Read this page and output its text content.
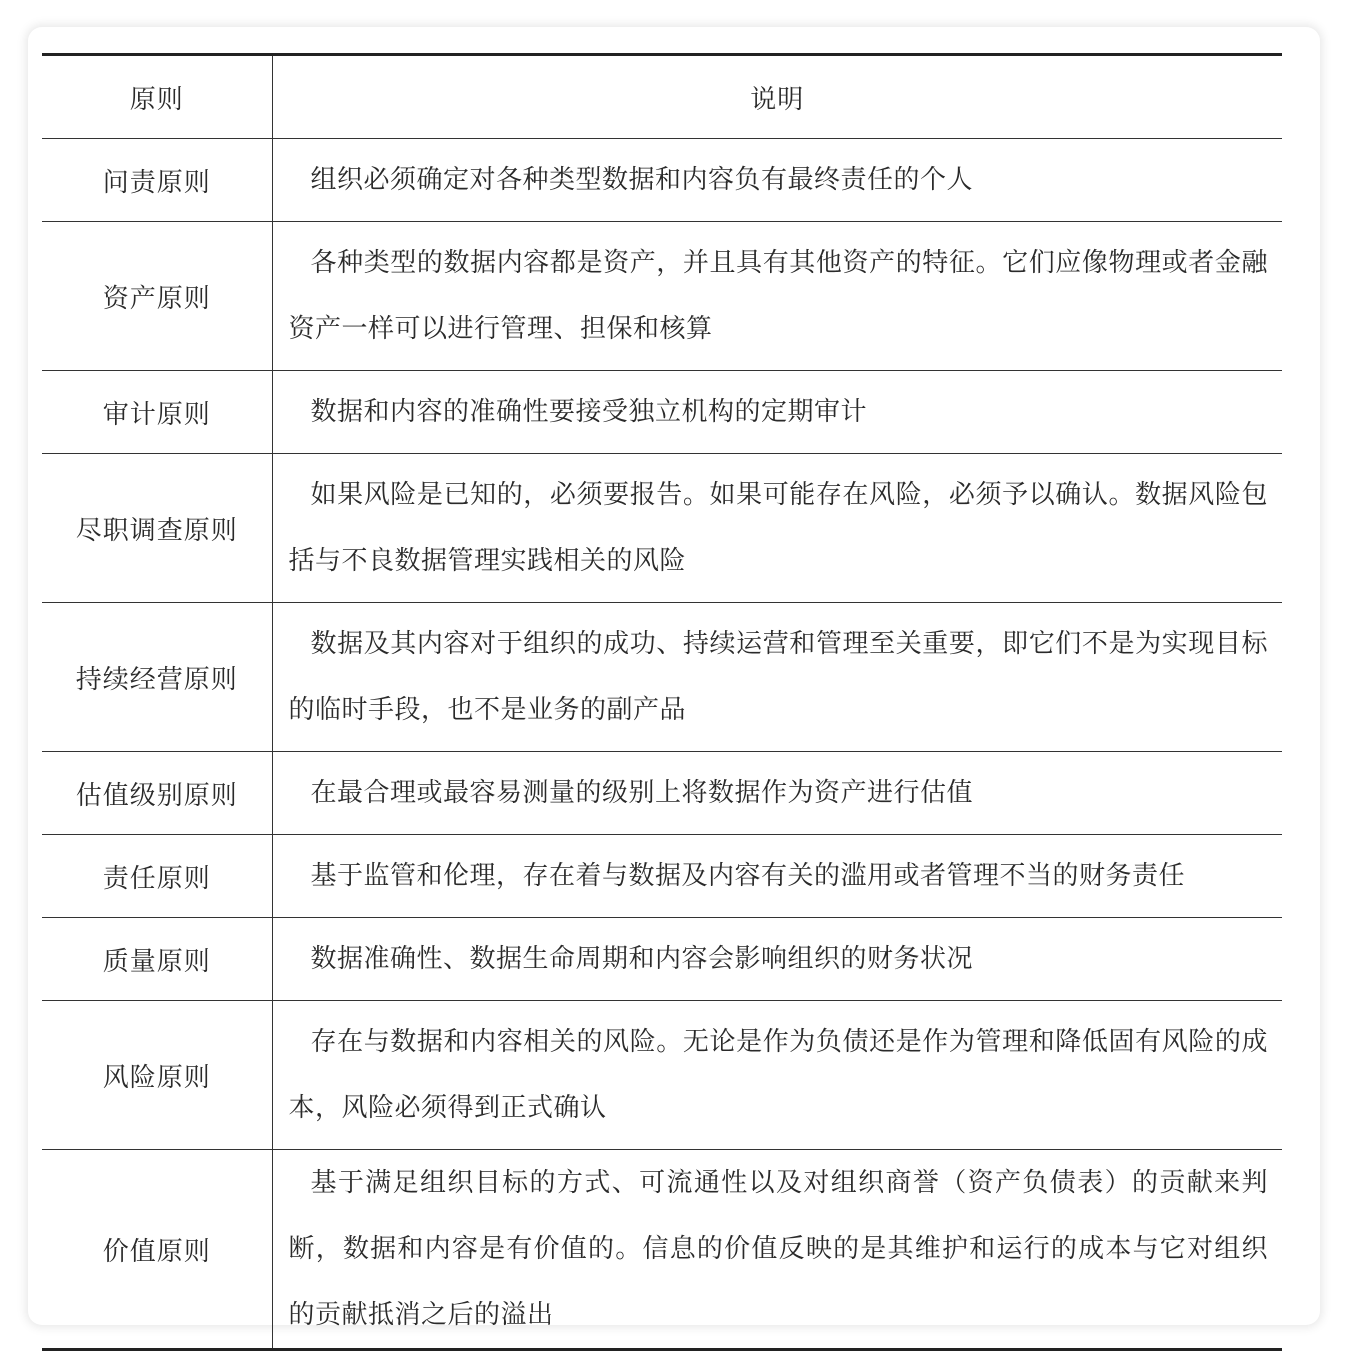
原则	说明
问责原则	组织必须确定对各种类型数据和内容负有最终责任的个人

资产原则	各种类型的数据内容都是资产，并且具有其他资产的特征。它们应像物理或者金融资产一样可以进行管理、担保和核算

审计原则	数据和内容的准确性要接受独立机构的定期审计

尽职调查原则	如果风险是已知的，必须要报告。如果可能存在风险，必须予以确认。数据风险包括与不良数据管理实践相关的风险

持续经营原则	数据及其内容对于组织的成功、持续运营和管理至关重要，即它们不是为实现目标的临时手段，也不是业务的副产品

估值级别原则	在最合理或最容易测量的级别上将数据作为资产进行估值

责任原则	基于监管和伦理，存在着与数据及内容有关的滥用或者管理不当的财务责任

质量原则	数据准确性、数据生命周期和内容会影响组织的财务状况

风险原则	存在与数据和内容相关的风险。无论是作为负债还是作为管理和降低固有风险的成本，风险必须得到正式确认

价值原则	基于满足组织目标的方式、可流通性以及对组织商誉（资产负债表）的贡献来判断，数据和内容是有价值的。信息的价值反映的是其维护和运行的成本与它对组织的贡献抵消之后的溢出
